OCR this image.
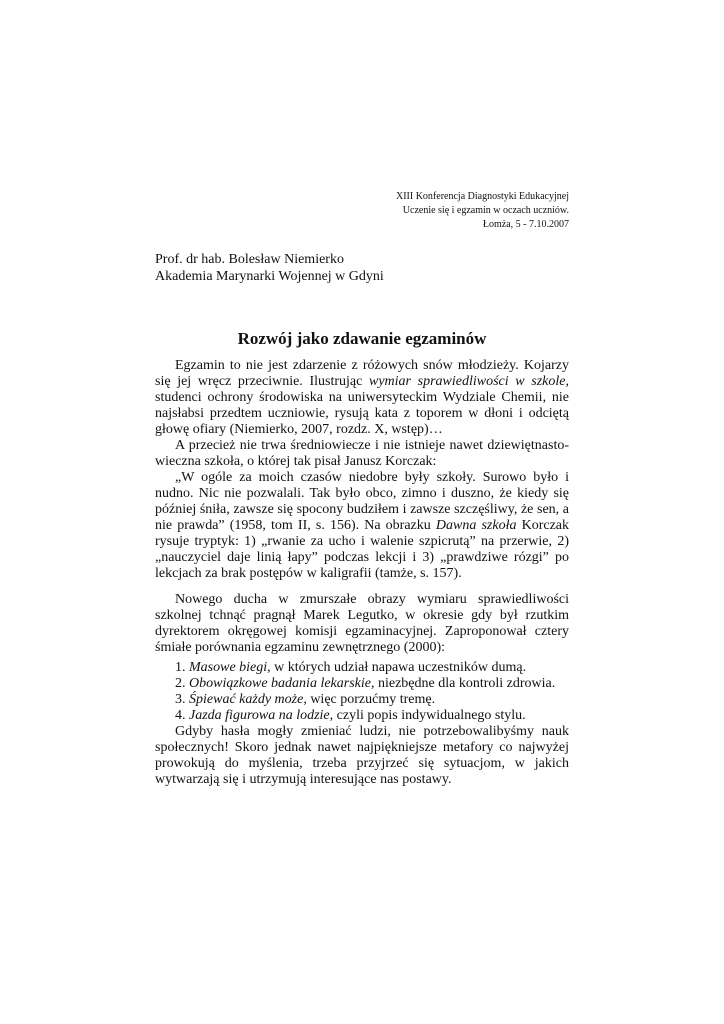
XIII Konferencja Diagnostyki Edukacyjnej
Uczenie się i egzamin w oczach uczniów.
Łomża, 5 - 7.10.2007
Prof. dr hab. Bolesław Niemierko
Akademia Marynarki Wojennej w Gdyni
Rozwój jako zdawanie egzaminów

Egzamin to nie jest zdarzenie z różowych snów młodzieży. Kojarzy się jej wręcz przeciwnie. Ilustrując wymiar sprawiedliwości w szkole, studenci ochrony środowiska na uniwersyteckim Wydziale Chemii, nie najsłabsi przedtem uczniowie, rysują kata z toporem w dłoni i odciętą głowę ofiary (Niemierko, 2007, rozdz. X, wstęp)…

A przecież nie trwa średniowiecze i nie istnieje nawet dziewiętnasto-wieczna szkoła, o której tak pisał Janusz Korczak:

„W ogóle za moich czasów niedobre były szkoły. Surowo było i nudno. Nic nie pozwalali. Tak było obco, zimno i duszno, że kiedy się później śniła, zawsze się spocony budziłem i zawsze szczęśliwy, że sen, a nie prawda” (1958, tom II, s. 156). Na obrazku Dawna szkoła Korczak rysuje tryptyk: 1) „rwanie za ucho i walenie szpicrutą” na przerwie, 2) „nauczyciel daje linią łapy” podczas lekcji i 3) „prawdziwe rózgi” po lekcjach za brak postępów w kaligrafii (tamże, s. 157).

Nowego ducha w zmurszałe obrazy wymiaru sprawiedliwości szkolnej tchnąć pragnął Marek Legutko, w okresie gdy był rzutkim dyrektorem okręgowej komisji egzaminacyjnej. Zaproponował cztery śmiałe porównania egzaminu zewnętrznego (2000):

1. Masowe biegi, w których udział napawa uczestników dumą.
2. Obowiązkowe badania lekarskie, niezbędne dla kontroli zdrowia.
3. Śpiewać każdy może, więc porzućmy tremę.
4. Jazda figurowa na lodzie, czyli popis indywidualnego stylu.

Gdyby hasła mogły zmieniać ludzi, nie potrzebowalibyśmy nauk społecznych! Skoro jednak nawet najpiękniejsze metafory co najwyżej prowokują do myślenia, trzeba przyjrzeć się sytuacjom, w jakich wytwarzają się i utrzymują interesujące nas postawy.
